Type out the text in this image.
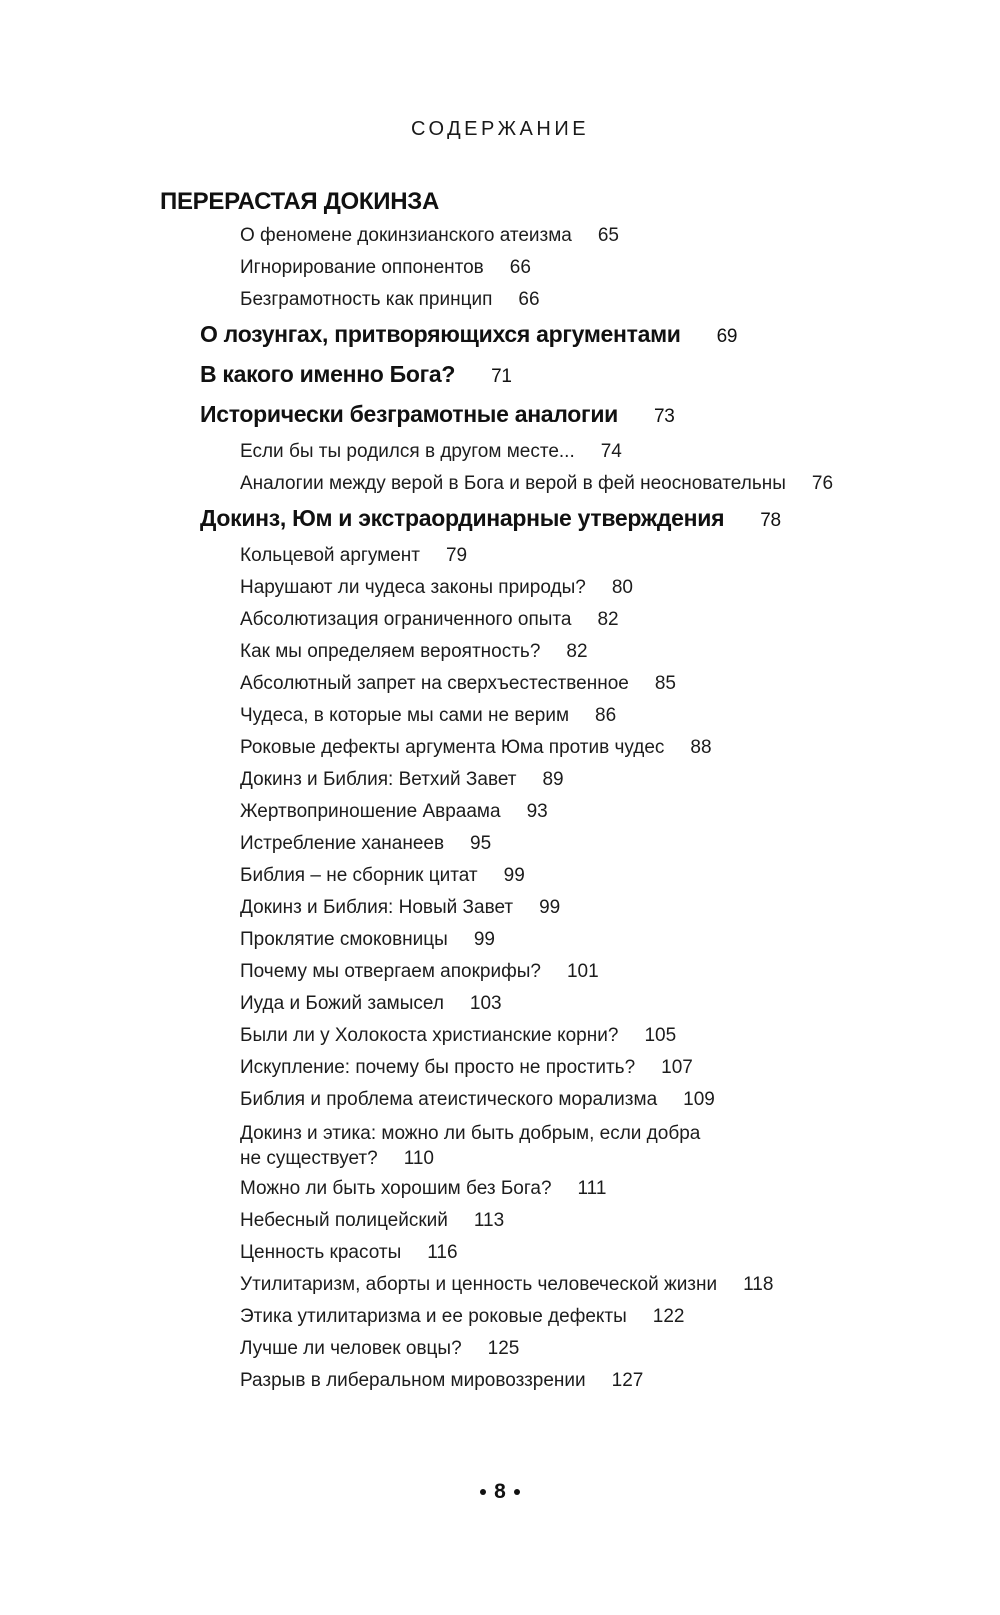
СОДЕРЖАНИЕ
ПЕРЕРАСТАЯ ДОКИНЗА
О феномене докинзианского атеизма 65
Игнорирование оппонентов 66
Безграмотность как принцип 66
О лозунгах, притворяющихся аргументами 69
В какого именно Бога? 71
Исторически безграмотные аналогии 73
Если бы ты родился в другом месте... 74
Аналогии между верой в Бога и верой в фей неосновательны 76
Докинз, Юм и экстраординарные утверждения 78
Кольцевой аргумент 79
Нарушают ли чудеса законы природы? 80
Абсолютизация ограниченного опыта 82
Как мы определяем вероятность? 82
Абсолютный запрет на сверхъестественное 85
Чудеса, в которые мы сами не верим 86
Роковые дефекты аргумента Юма против чудес 88
Докинз и Библия: Ветхий Завет 89
Жертвоприношение Авраама 93
Истребление хананеев 95
Библия – не сборник цитат 99
Докинз и Библия: Новый Завет 99
Проклятие смоковницы 99
Почему мы отвергаем апокрифы? 101
Иуда и Божий замысел 103
Были ли у Холокоста христианские корни? 105
Искупление: почему бы просто не простить? 107
Библия и проблема атеистического морализма 109
Докинз и этика: можно ли быть добрым, если добра не существует? 110
Можно ли быть хорошим без Бога? 111
Небесный полицейский 113
Ценность красоты 116
Утилитаризм, аборты и ценность человеческой жизни 118
Этика утилитаризма и ее роковые дефекты 122
Лучше ли человек овцы? 125
Разрыв в либеральном мировоззрении 127
8
